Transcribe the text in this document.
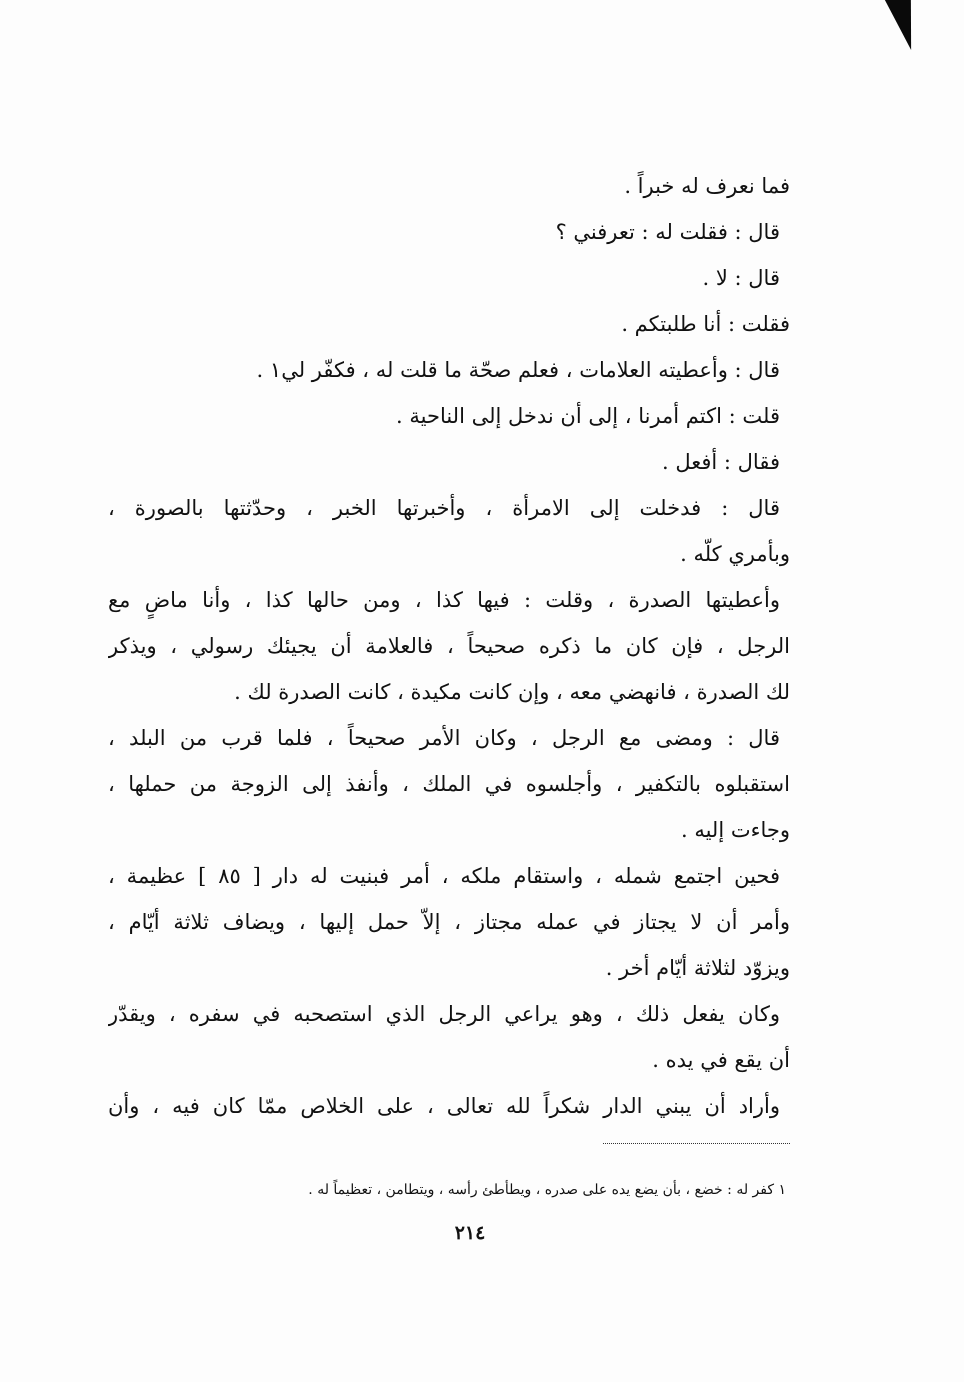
فما نعرف له خبراً .
قال : فقلت له : تعرفني ؟
قال : لا .
فقلت : أنا طلبتكم .
قال : وأعطيته العلامات ، فعلم صحّة ما قلت له ، فكفّر لي١ .
قلت : اكتم أمرنا ، إلى أن ندخل إلى الناحية .
فقال : أفعل .
قال : فدخلت إلى الامرأة ، وأخبرتها الخبر ، وحدّثتها بالصورة ،
وبأمري كلّه .
وأعطيتها الصدرة ، وقلت : فيها كذا ، ومن حالها كذا ، وأنا ماضٍ مع
الرجل ، فإن كان ما ذكره صحيحاً ، فالعلامة أن يجيئك رسولي ، ويذكر
لك الصدرة ، فانهضي معه ، وإن كانت مكيدة ، كانت الصدرة لك .
قال : ومضى مع الرجل ، وكان الأمر صحيحاً ، فلما قرب من البلد ،
استقبلوه بالتكفير ، وأجلسوه في الملك ، وأنفذ إلى الزوجة من حملها ،
وجاءت إليه .
فحين اجتمع شمله ، واستقام ملكه ، أمر فبنيت له دار [ ٨٥ ] عظيمة ،
وأمر أن لا يجتاز في عمله مجتاز ، إلاّ حمل إليها ، ويضاف ثلاثة أيّام ،
ويزوّد لثلاثة أيّام أخر .
وكان يفعل ذلك ، وهو يراعي الرجل الذي استصحبه في سفره ، ويقدّر
أن يقع في يده .
وأراد أن يبني الدار شكراً لله تعالى ، على الخلاص ممّا كان فيه ، وأن
١ كفر له : خضع ، بأن يضع يده على صدره ، ويطأطئ رأسه ، ويتطامن ، تعظيماً له .
٢١٤
